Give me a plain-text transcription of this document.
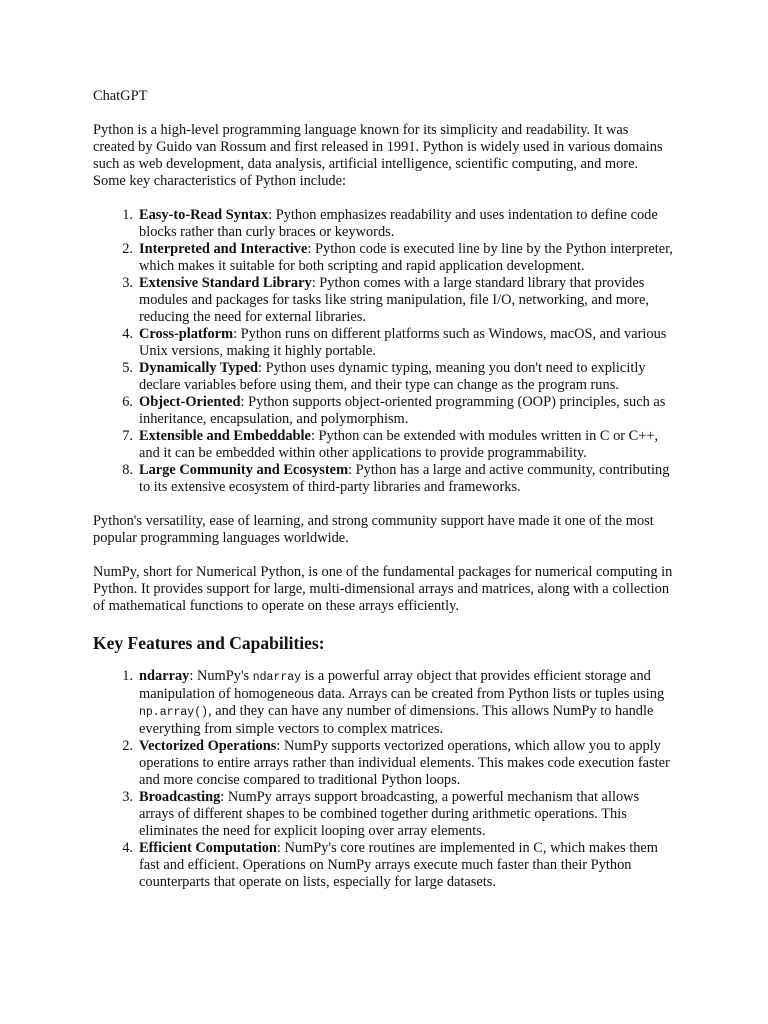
ChatGPT

Python is a high-level programming language known for its simplicity and readability. It was created by Guido van Rossum and first released in 1991. Python is widely used in various domains such as web development, data analysis, artificial intelligence, scientific computing, and more. Some key characteristics of Python include:

Easy-to-Read Syntax: Python emphasizes readability and uses indentation to define code blocks rather than curly braces or keywords.
Interpreted and Interactive: Python code is executed line by line by the Python interpreter, which makes it suitable for both scripting and rapid application development.
Extensive Standard Library: Python comes with a large standard library that provides modules and packages for tasks like string manipulation, file I/O, networking, and more, reducing the need for external libraries.
Cross-platform: Python runs on different platforms such as Windows, macOS, and various Unix versions, making it highly portable.
Dynamically Typed: Python uses dynamic typing, meaning you don't need to explicitly declare variables before using them, and their type can change as the program runs.
Object-Oriented: Python supports object-oriented programming (OOP) principles, such as inheritance, encapsulation, and polymorphism.
Extensible and Embeddable: Python can be extended with modules written in C or C++, and it can be embedded within other applications to provide programmability.
Large Community and Ecosystem: Python has a large and active community, contributing to its extensive ecosystem of third-party libraries and frameworks.

Python's versatility, ease of learning, and strong community support have made it one of the most popular programming languages worldwide.

NumPy, short for Numerical Python, is one of the fundamental packages for numerical computing in Python. It provides support for large, multi-dimensional arrays and matrices, along with a collection of mathematical functions to operate on these arrays efficiently.

Key Features and Capabilities:
ndarray: NumPy's ndarray is a powerful array object that provides efficient storage and manipulation of homogeneous data. Arrays can be created from Python lists or tuples using np.array(), and they can have any number of dimensions. This allows NumPy to handle everything from simple vectors to complex matrices.
Vectorized Operations: NumPy supports vectorized operations, which allow you to apply operations to entire arrays rather than individual elements. This makes code execution faster and more concise compared to traditional Python loops.
Broadcasting: NumPy arrays support broadcasting, a powerful mechanism that allows arrays of different shapes to be combined together during arithmetic operations. This eliminates the need for explicit looping over array elements.
Efficient Computation: NumPy's core routines are implemented in C, which makes them fast and efficient. Operations on NumPy arrays execute much faster than their Python counterparts that operate on lists, especially for large datasets.
